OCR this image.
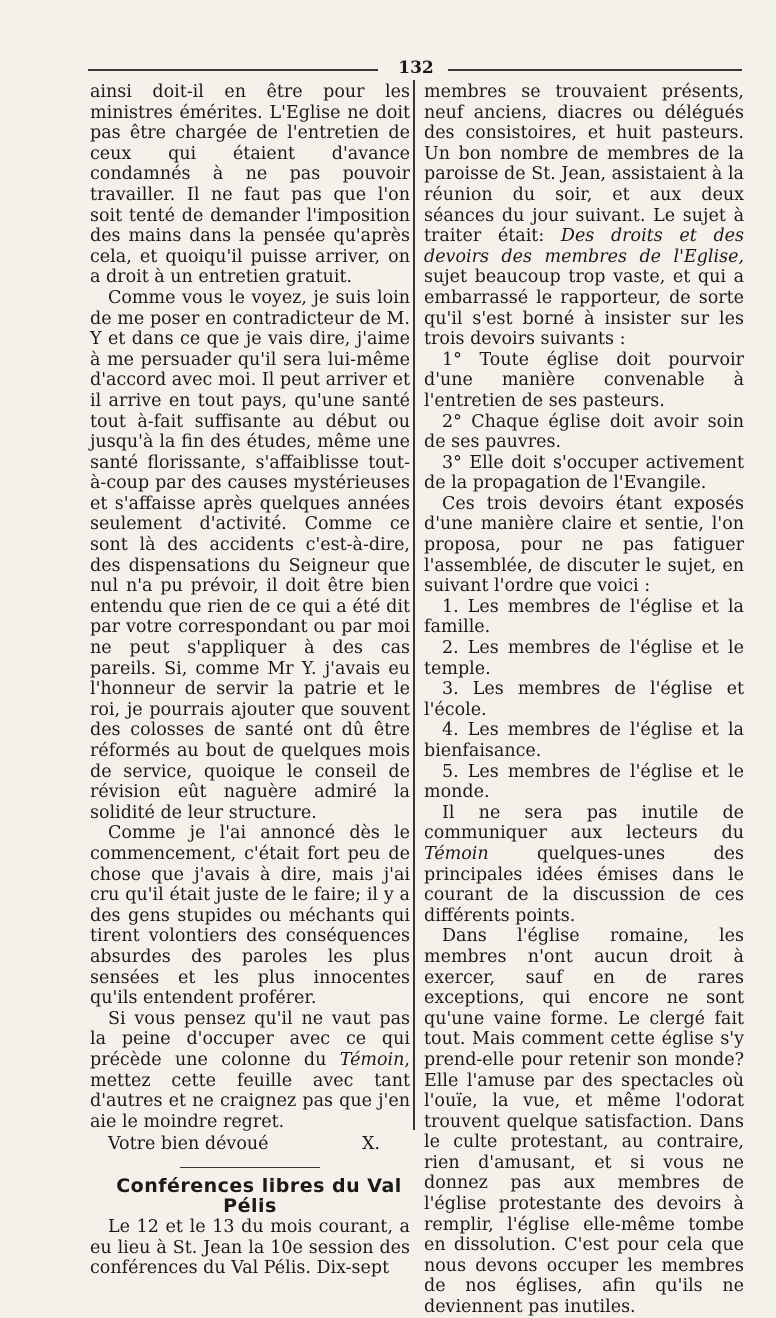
132

ainsi doit-il en être pour les ministres émérites. L'Eglise ne doit pas être chargée de l'entretien de ceux qui étaient d'avance condamnés à ne pas pouvoir travailler. Il ne faut pas que l'on soit tenté de demander l'imposition des mains dans la pensée qu'après cela, et quoiqu'il puisse arriver, on a droit à un entretien gratuit.

Comme vous le voyez, je suis loin de me poser en contradicteur de M. Y et dans ce que je vais dire, j'aime à me persuader qu'il sera lui-même d'accord avec moi. Il peut arriver et il arrive en tout pays, qu'une santé tout à-fait suffisante au début ou jusqu'à la fin des études, même une santé florissante, s'affaiblisse tout-à-coup par des causes mystérieuses et s'affaisse après quelques années seulement d'activité. Comme ce sont là des accidents c'est-à-dire, des dispensations du Seigneur que nul n'a pu prévoir, il doit être bien entendu que rien de ce qui a été dit par votre correspondant ou par moi ne peut s'appliquer à des cas pareils. Si, comme Mr Y. j'avais eu l'honneur de servir la patrie et le roi, je pourrais ajouter que souvent des colosses de santé ont dû être réformés au bout de quelques mois de service, quoique le conseil de révision eût naguère admiré la solidité de leur structure.

Comme je l'ai annoncé dès le commencement, c'était fort peu de chose que j'avais à dire, mais j'ai cru qu'il était juste de le faire; il y a des gens stupides ou méchants qui tirent volontiers des conséquences absurdes des paroles les plus sensées et les plus innocentes qu'ils entendent proférer.

Si vous pensez qu'il ne vaut pas la peine d'occuper avec ce qui précède une colonne du Témoin, mettez cette feuille avec tant d'autres et ne craignez pas que j'en aie le moindre regret.

Votre bien dévoué	X.

Conférences libres du Val Pélis

Le 12 et le 13 du mois courant, a eu lieu à St. Jean la 10e session des conférences du Val Pélis. Dix-sept

membres se trouvaient présents, neuf anciens, diacres ou délégués des consistoires, et huit pasteurs. Un bon nombre de membres de la paroisse de St. Jean, assistaient à la réunion du soir, et aux deux séances du jour suivant. Le sujet à traiter était: Des droits et des devoirs des membres de l'Eglise, sujet beaucoup trop vaste, et qui a embarrassé le rapporteur, de sorte qu'il s'est borné à insister sur les trois devoirs suivants :

1° Toute église doit pourvoir d'une manière convenable à l'entretien de ses pasteurs.

2° Chaque église doit avoir soin de ses pauvres.

3° Elle doit s'occuper activement de la propagation de l'Evangile.

Ces trois devoirs étant exposés d'une manière claire et sentie, l'on proposa, pour ne pas fatiguer l'assemblée, de discuter le sujet, en suivant l'ordre que voici :

1. Les membres de l'église et la famille.

2. Les membres de l'église et le temple.

3. Les membres de l'église et l'école.

4. Les membres de l'église et la bienfaisance.

5. Les membres de l'église et le monde.

Il ne sera pas inutile de communiquer aux lecteurs du Témoin quelques-unes des principales idées émises dans le courant de la discussion de ces différents points.

Dans l'église romaine, les membres n'ont aucun droit à exercer, sauf en de rares exceptions, qui encore ne sont qu'une vaine forme. Le clergé fait tout. Mais comment cette église s'y prend-elle pour retenir son monde? Elle l'amuse par des spectacles où l'ouïe, la vue, et même l'odorat trouvent quelque satisfaction. Dans le culte protestant, au contraire, rien d'amusant, et si vous ne donnez pas aux membres de l'église protestante des devoirs à remplir, l'église elle-même tombe en dissolution. C'est pour cela que nous devons occuper les membres de nos églises, afin qu'ils ne deviennent pas inutiles.
